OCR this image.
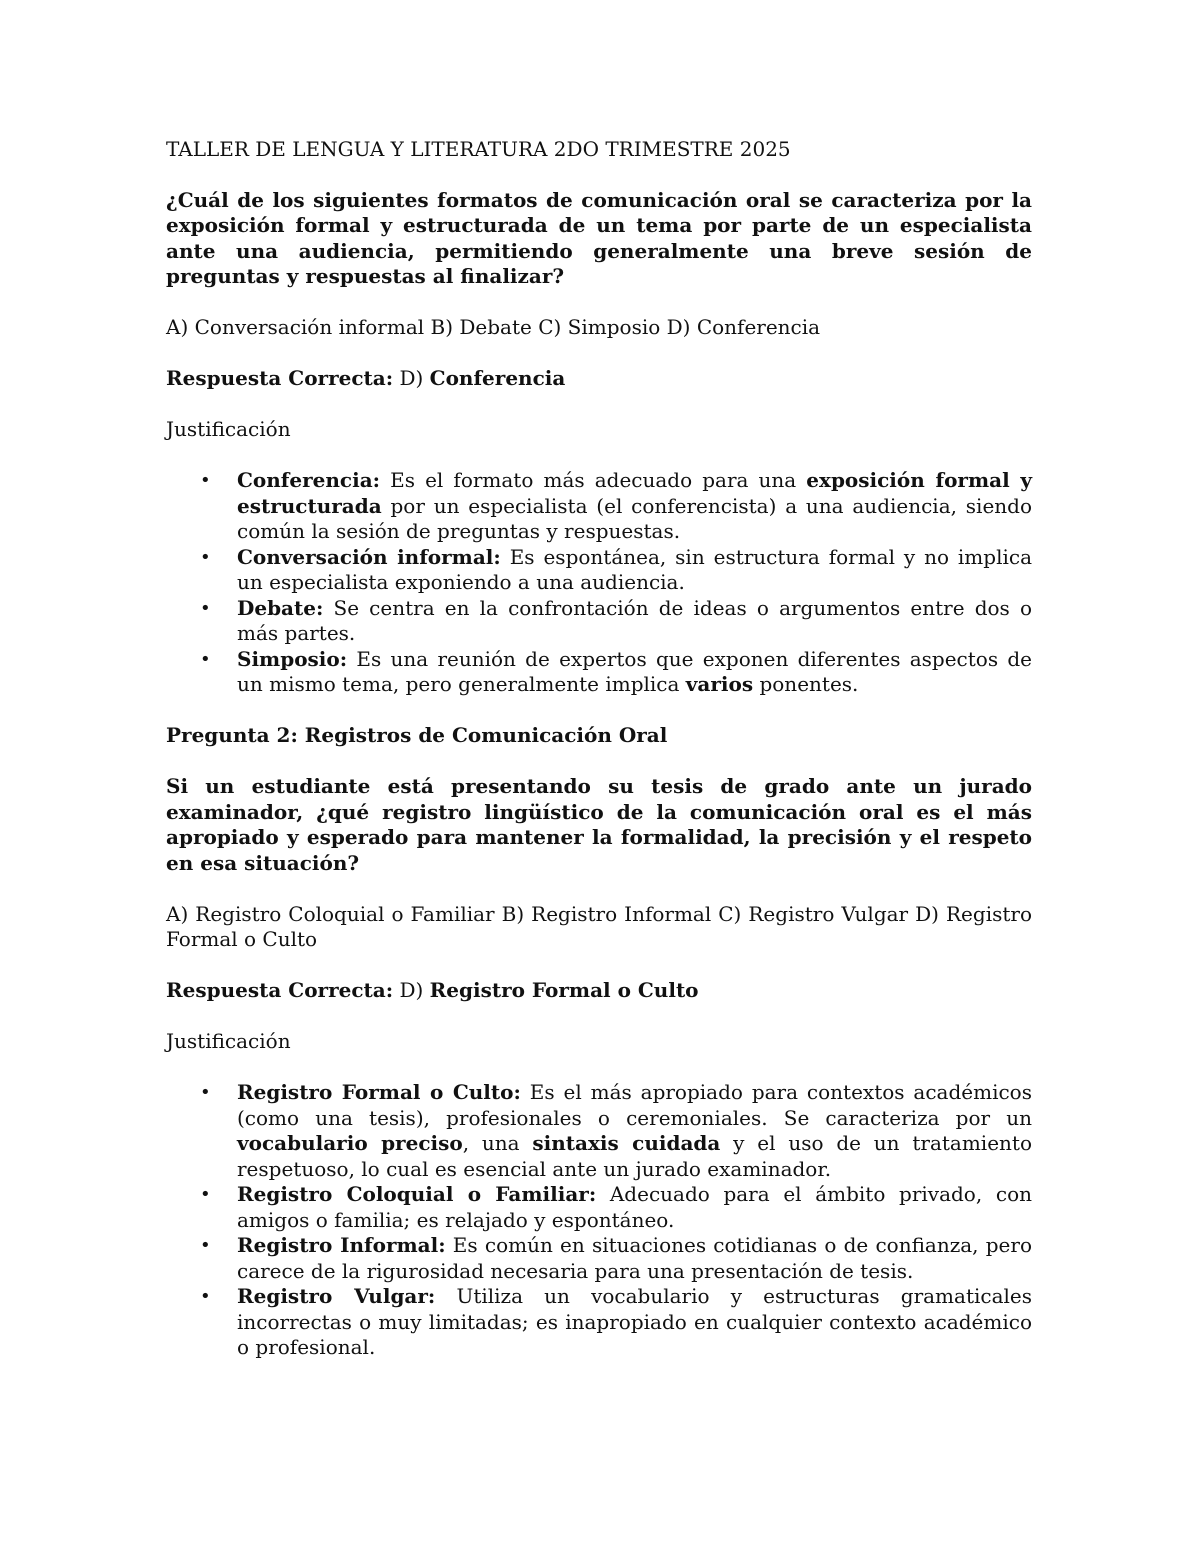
TALLER DE LENGUA Y LITERATURA 2DO TRIMESTRE 2025

¿Cuál de los siguientes formatos de comunicación oral se caracteriza por la exposición formal y estructurada de un tema por parte de un especialista ante una audiencia, permitiendo generalmente una breve sesión de preguntas y respuestas al finalizar?

A) Conversación informal B) Debate C) Simposio D) Conferencia

Respuesta Correcta: D) Conferencia

Justificación

• Conferencia: Es el formato más adecuado para una exposición formal y estructurada por un especialista (el conferencista) a una audiencia, siendo común la sesión de preguntas y respuestas.
• Conversación informal: Es espontánea, sin estructura formal y no implica un especialista exponiendo a una audiencia.
• Debate: Se centra en la confrontación de ideas o argumentos entre dos o más partes.
• Simposio: Es una reunión de expertos que exponen diferentes aspectos de un mismo tema, pero generalmente implica varios ponentes.

Pregunta 2: Registros de Comunicación Oral

Si un estudiante está presentando su tesis de grado ante un jurado examinador, ¿qué registro lingüístico de la comunicación oral es el más apropiado y esperado para mantener la formalidad, la precisión y el respeto en esa situación?

A) Registro Coloquial o Familiar B) Registro Informal C) Registro Vulgar D) Registro Formal o Culto

Respuesta Correcta: D) Registro Formal o Culto

Justificación

• Registro Formal o Culto: Es el más apropiado para contextos académicos (como una tesis), profesionales o ceremoniales. Se caracteriza por un vocabulario preciso, una sintaxis cuidada y el uso de un tratamiento respetuoso, lo cual es esencial ante un jurado examinador.
• Registro Coloquial o Familiar: Adecuado para el ámbito privado, con amigos o familia; es relajado y espontáneo.
• Registro Informal: Es común en situaciones cotidianas o de confianza, pero carece de la rigurosidad necesaria para una presentación de tesis.
• Registro Vulgar: Utiliza un vocabulario y estructuras gramaticales incorrectas o muy limitadas; es inapropiado en cualquier contexto académico o profesional.
